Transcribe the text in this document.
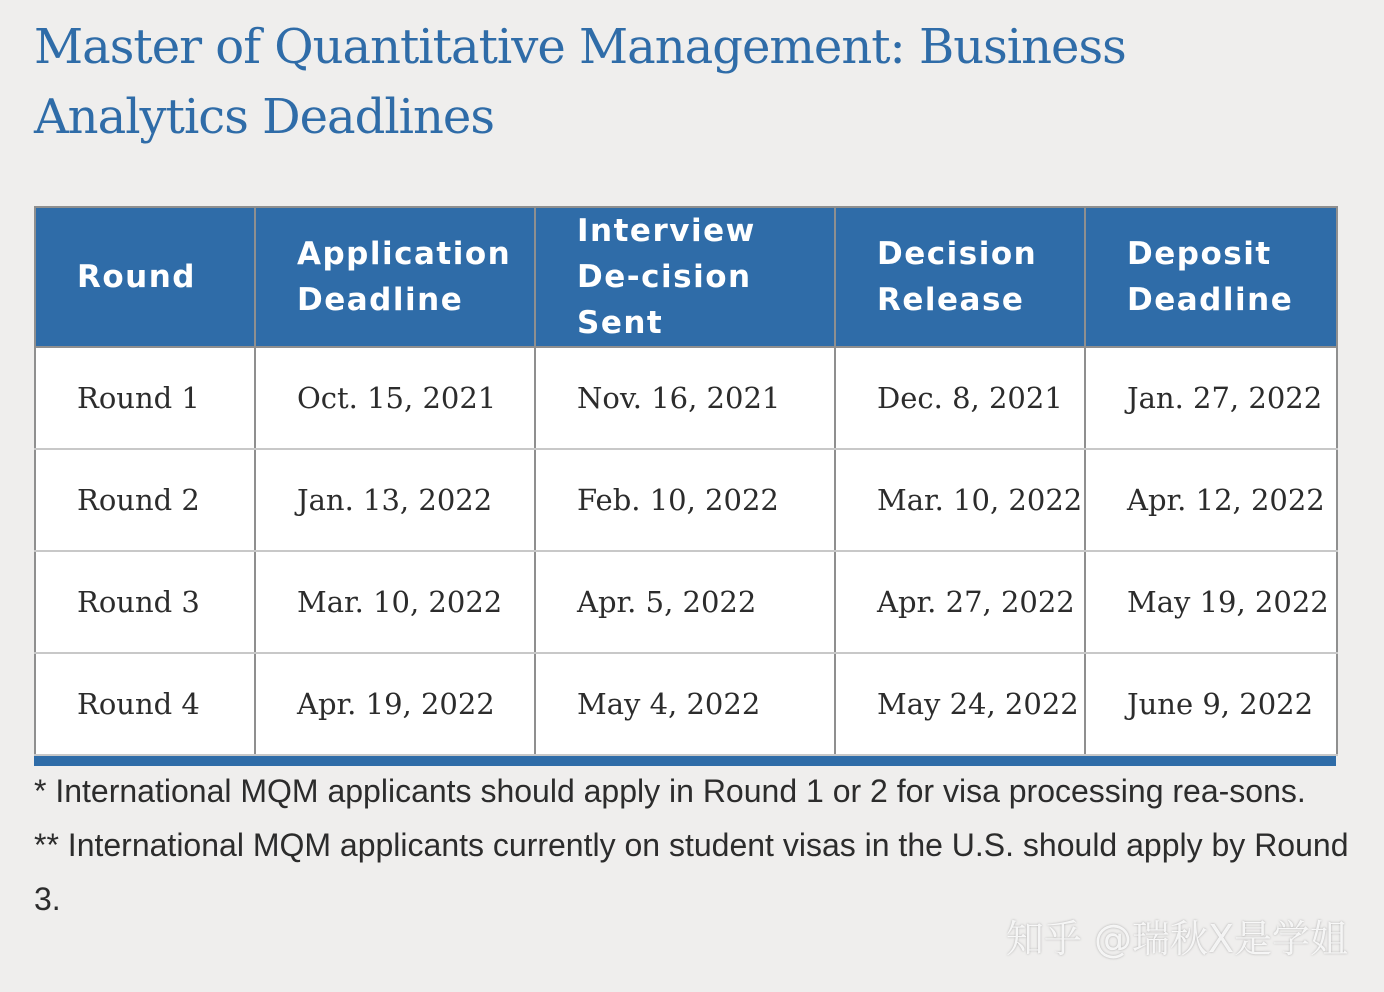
Master of Quantitative Management: Business Analytics Deadlines
Round	Application Deadline	Interview De-cision Sent	Decision Release	Deposit Deadline
Round 1	Oct. 15, 2021	Nov. 16, 2021	Dec. 8, 2021	Jan. 27, 2022
Round 2	Jan. 13, 2022	Feb. 10, 2022	Mar. 10, 2022	Apr. 12, 2022
Round 3	Mar. 10, 2022	Apr. 5, 2022	Apr. 27, 2022	May 19, 2022
Round 4	Apr. 19, 2022	May 4, 2022	May 24, 2022	June 9, 2022

* International MQM applicants should apply in Round 1 or 2 for visa processing rea-sons.

** International MQM applicants currently on student visas in the U.S. should apply by Round 3.

知乎 @瑞秋X是学姐
